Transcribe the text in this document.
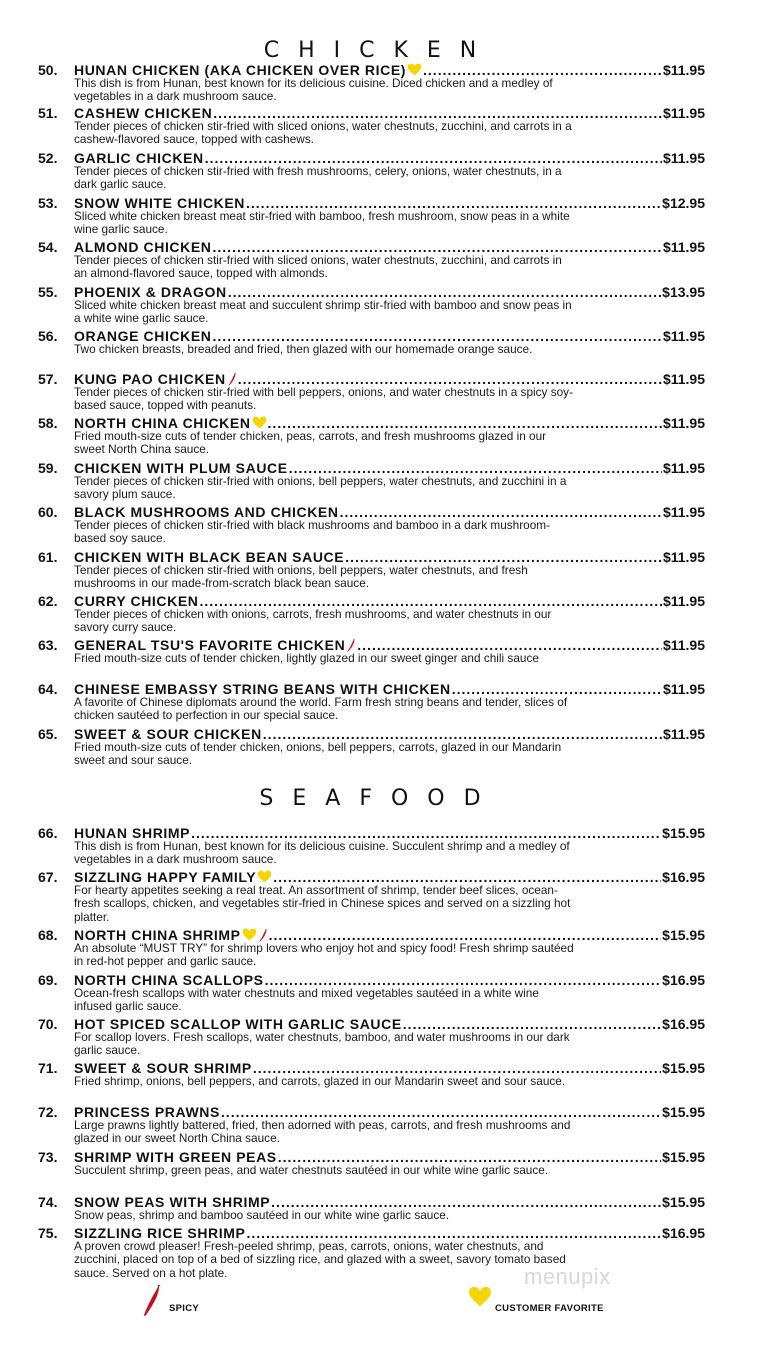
CHICKEN
SEAFOOD
50.	HUNAN CHICKEN (AKA CHICKEN OVER RICE) .....	$11.95
This dish is from Hunan, best known for its delicious cuisine. Diced chicken and a medley of vegetables in a dark mushroom sauce.
51.	CASHEW CHICKEN .....	$11.95
Tender pieces of chicken stir-fried with sliced onions, water chestnuts, zucchini, and carrots in a cashew-flavored sauce, topped with cashews.
52.	GARLIC CHICKEN .....	$11.95
Tender pieces of chicken stir-fried with fresh mushrooms, celery, onions, water chestnuts, in a dark garlic sauce.
53.	SNOW WHITE CHICKEN .....	$12.95
Sliced white chicken breast meat stir-fried with bamboo, fresh mushroom, snow peas in a white wine garlic sauce.
54.	ALMOND CHICKEN .....	$11.95
Tender pieces of chicken stir-fried with sliced onions, water chestnuts, zucchini, and carrots in an almond-flavored sauce, topped with almonds.
55.	PHOENIX & DRAGON .....	$13.95
Sliced white chicken breast meat and succulent shrimp stir-fried with bamboo and snow peas in a white wine garlic sauce.
56.	ORANGE CHICKEN .....	$11.95
Two chicken breasts, breaded and fried, then glazed with our homemade orange sauce.
57.	KUNG PAO CHICKEN .....	$11.95
Tender pieces of chicken stir-fried with bell peppers, onions, and water chestnuts in a spicy soy-based sauce, topped with peanuts.
58.	NORTH CHINA CHICKEN .....	$11.95
Fried mouth-size cuts of tender chicken, peas, carrots, and fresh mushrooms glazed in our sweet North China sauce.
59.	CHICKEN WITH PLUM SAUCE .....	$11.95
Tender pieces of chicken stir-fried with onions, bell peppers, water chestnuts, and zucchini in a savory plum sauce.
60.	BLACK MUSHROOMS AND CHICKEN .....	$11.95
Tender pieces of chicken stir-fried with black mushrooms and bamboo in a dark mushroom-based soy sauce.
61.	CHICKEN WITH BLACK BEAN SAUCE .....	$11.95
Tender pieces of chicken stir-fried with onions, bell peppers, water chestnuts, and fresh mushrooms in our made-from-scratch black bean sauce.
62.	CURRY CHICKEN .....	$11.95
Tender pieces of chicken with onions, carrots, fresh mushrooms, and water chestnuts in our savory curry sauce.
63.	GENERAL TSU'S FAVORITE CHICKEN .....	$11.95
Fried mouth-size cuts of tender chicken, lightly glazed in our sweet ginger and chili sauce
64.	CHINESE EMBASSY STRING BEANS WITH CHICKEN .....	$11.95
A favorite of Chinese diplomats around the world. Farm fresh string beans and tender, slices of chicken sautéed to perfection in our special sauce.
65.	SWEET & SOUR CHICKEN .....	$11.95
Fried mouth-size cuts of tender chicken, onions, bell peppers, carrots, glazed in our Mandarin sweet and sour sauce.
66.	HUNAN SHRIMP .....	$15.95
This dish is from Hunan, best known for its delicious cuisine. Succulent shrimp and a medley of vegetables in a dark mushroom sauce.
67.	SIZZLING HAPPY FAMILY .....	$16.95
For hearty appetites seeking a real treat. An assortment of shrimp, tender beef slices, ocean-fresh scallops, chicken, and vegetables stir-fried in Chinese spices and served on a sizzling hot platter.
68.	NORTH CHINA SHRIMP .....	$15.95
An absolute “MUST TRY” for shrimp lovers who enjoy hot and spicy food! Fresh shrimp sautéed in red-hot pepper and garlic sauce.
69.	NORTH CHINA SCALLOPS .....	$16.95
Ocean-fresh scallops with water chestnuts and mixed vegetables sautéed in a white wine infused garlic sauce.
70.	HOT SPICED SCALLOP WITH GARLIC SAUCE .....	$16.95
For scallop lovers. Fresh scallops, water chestnuts, bamboo, and water mushrooms in our dark garlic sauce.
71.	SWEET & SOUR SHRIMP .....	$15.95
Fried shrimp, onions, bell peppers, and carrots, glazed in our Mandarin sweet and sour sauce.
72.	PRINCESS PRAWNS .....	$15.95
Large prawns lightly battered, fried, then adorned with peas, carrots, and fresh mushrooms and glazed in our sweet North China sauce.
73.	SHRIMP WITH GREEN PEAS .....	$15.95
Succulent shrimp, green peas, and water chestnuts sautéed in our white wine garlic sauce.
74.	SNOW PEAS WITH SHRIMP .....	$15.95
Snow peas, shrimp and bamboo sautéed in our white wine garlic sauce.
75.	SIZZLING RICE SHRIMP .....	$16.95
A proven crowd pleaser! Fresh-peeled shrimp, peas, carrots, onions, water chestnuts, and zucchini, placed on top of a bed of sizzling rice, and glazed with a sweet, savory tomato based sauce. Served on a hot plate.
SPICY	CUSTOMER FAVORITE
menupix
